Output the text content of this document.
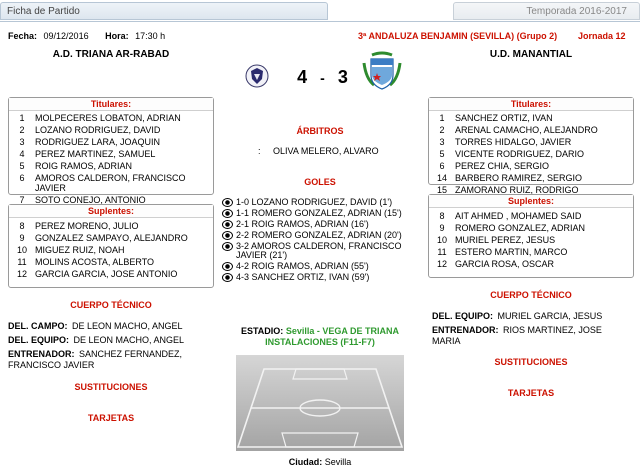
Ficha de Partido	Temporada 2016-2017
Fecha: 09/12/2016 Hora: 17:30 h	3ª ANDALUZA BENJAMIN (SEVILLA) (Grupo 2) Jornada 12
A.D. TRIANA AR-RABAD	U.D. MANANTIAL
4 - 3
Titulares:
1	MOLPECERES LOBATON, ADRIAN
2	LOZANO RODRIGUEZ, DAVID
3	RODRIGUEZ LARA, JOAQUIN
4	PEREZ MARTINEZ, SAMUEL
5	ROIG RAMOS, ADRIAN
6	AMOROS CALDERON, FRANCISCO JAVIER
7	SOTO CONEJO, ANTONIO
Suplentes:
8	PEREZ MORENO, JULIO
9	GONZALEZ SAMPAYO, ALEJANDRO
10 MIGUEZ RUIZ, NOAH
11 MOLINS ACOSTA, ALBERTO
12 GARCIA GARCIA, JOSE ANTONIO
Titulares:
1	SANCHEZ ORTIZ, IVAN
2	ARENAL CAMACHO, ALEJANDRO
3	TORRES HIDALGO, JAVIER
5	VICENTE RODRIGUEZ, DARIO
6	PEREZ CHIA, SERGIO
14 BARBERO RAMIREZ, SERGIO
15 ZAMORANO RUIZ, RODRIGO
Suplentes:
8	AIT AHMED , MOHAMED SAID
9	ROMERO GONZALEZ, ADRIAN
10 MURIEL PEREZ, JESUS
11 ESTERO MARTIN, MARCO
12 GARCIA ROSA, OSCAR
ÁRBITROS
: OLIVA MELERO, ALVARO
GOLES
1-0 LOZANO RODRIGUEZ, DAVID (1')
1-1 ROMERO GONZALEZ, ADRIAN (15')
2-1 ROIG RAMOS, ADRIAN (16')
2-2 ROMERO GONZALEZ, ADRIAN (20')
3-2 AMOROS CALDERON, FRANCISCO JAVIER (21')
4-2 ROIG RAMOS, ADRIAN (55')
4-3 SANCHEZ ORTIZ, IVAN (59')
CUERPO TÉCNICO
DEL. CAMPO: DE LEON MACHO, ANGEL
DEL. EQUIPO: DE LEON MACHO, ANGEL
ENTRENADOR: SANCHEZ FERNANDEZ, FRANCISCO JAVIER
SUSTITUCIONES
TARJETAS
CUERPO TÉCNICO
DEL. EQUIPO: MURIEL GARCIA, JESUS
ENTRENADOR: RIOS MARTINEZ, JOSE MARIA
SUSTITUCIONES
TARJETAS
ESTADIO: Sevilla - VEGA DE TRIANA INSTALACIONES (F11-F7)
Ciudad: Sevilla
